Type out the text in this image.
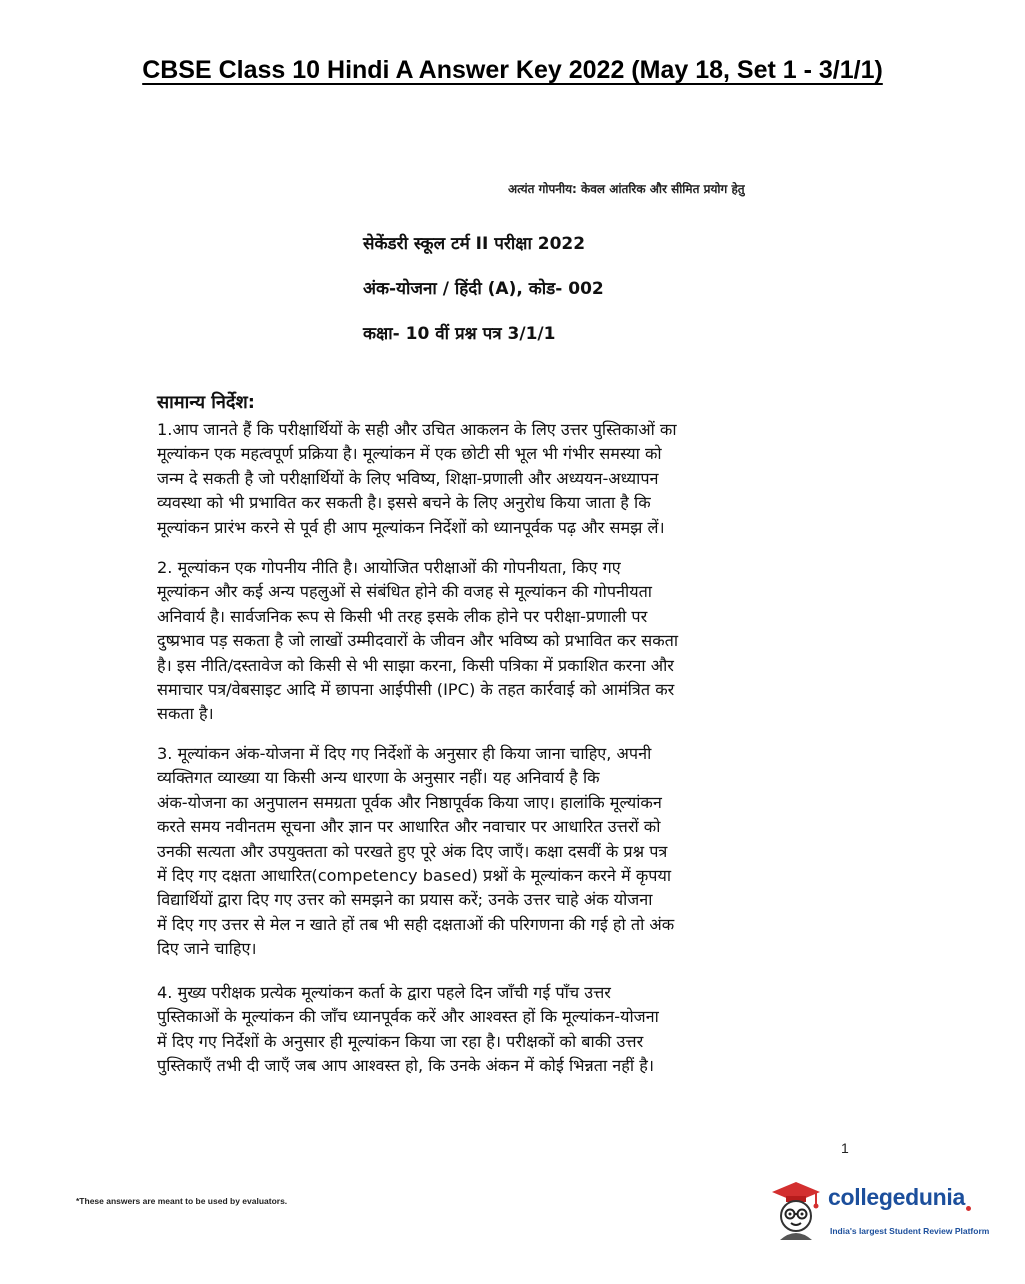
CBSE Class 10 Hindi A Answer Key 2022 (May 18, Set 1 - 3/1/1)
अत्यंत गोपनीय: केवल आंतरिक और सीमित प्रयोग हेतु
सेकेंडरी स्कूल टर्म II परीक्षा 2022
अंक-योजना / हिंदी (A), कोड- 002
कक्षा- 10 वीं प्रश्न पत्र 3/1/1
सामान्य निर्देश:
1.आप जानते हैं कि परीक्षार्थियों के सही और उचित आकलन के लिए उत्तर पुस्तिकाओं का
मूल्यांकन एक महत्वपूर्ण प्रक्रिया है। मूल्यांकन में एक छोटी सी भूल भी गंभीर समस्या को
जन्म दे सकती है जो परीक्षार्थियों के लिए भविष्य, शिक्षा-प्रणाली और अध्ययन-अध्यापन
व्यवस्था को भी प्रभावित कर सकती है। इससे बचने के लिए अनुरोध किया जाता है कि
मूल्यांकन प्रारंभ करने से पूर्व ही आप मूल्यांकन निर्देशों को ध्यानपूर्वक पढ़ और समझ लें।
2. मूल्यांकन एक गोपनीय नीति है। आयोजित परीक्षाओं की गोपनीयता, किए गए
मूल्यांकन और कई अन्य पहलुओं से संबंधित होने की वजह से मूल्यांकन की गोपनीयता
अनिवार्य है। सार्वजनिक रूप से किसी भी तरह इसके लीक होने पर परीक्षा-प्रणाली पर
दुष्प्रभाव पड़ सकता है जो लाखों उम्मीदवारों के जीवन और भविष्य को प्रभावित कर सकता
है। इस नीति/दस्तावेज को किसी से भी साझा करना, किसी पत्रिका में प्रकाशित करना और
समाचार पत्र/वेबसाइट आदि में छापना आईपीसी (IPC) के तहत कार्रवाई को आमंत्रित कर
सकता है।
3. मूल्यांकन अंक-योजना में दिए गए निर्देशों के अनुसार ही किया जाना चाहिए, अपनी
व्यक्तिगत व्याख्या या किसी अन्य धारणा के अनुसार नहीं। यह अनिवार्य है कि
अंक-योजना का अनुपालन समग्रता पूर्वक और निष्ठापूर्वक किया जाए। हालांकि मूल्यांकन
करते समय नवीनतम सूचना और ज्ञान पर आधारित और नवाचार पर आधारित उत्तरों को
उनकी सत्यता और उपयुक्तता को परखते हुए पूरे अंक दिए जाएँ। कक्षा दसवीं के प्रश्न पत्र
में दिए गए दक्षता आधारित(competency based) प्रश्नों के मूल्यांकन करने में कृपया
विद्यार्थियों द्वारा दिए गए उत्तर को समझने का प्रयास करें; उनके उत्तर चाहे अंक योजना
में दिए गए उत्तर से मेल न खाते हों तब भी सही दक्षताओं की परिगणना की गई हो तो अंक
दिए जाने चाहिए।
4. मुख्य परीक्षक प्रत्येक मूल्यांकन कर्ता के द्वारा पहले दिन जाँची गई पाँच उत्तर
पुस्तिकाओं के मूल्यांकन की जाँच ध्यानपूर्वक करें और आश्वस्त हों कि मूल्यांकन-योजना
में दिए गए निर्देशों के अनुसार ही मूल्यांकन किया जा रहा है। परीक्षकों को बाकी उत्तर
पुस्तिकाएँ तभी दी जाएँ जब आप आश्वस्त हो, कि उनके अंकन में कोई भिन्नता नहीं है।
1
*These answers are meant to be used by evaluators.	collegedunia
India's largest Student Review Platform
